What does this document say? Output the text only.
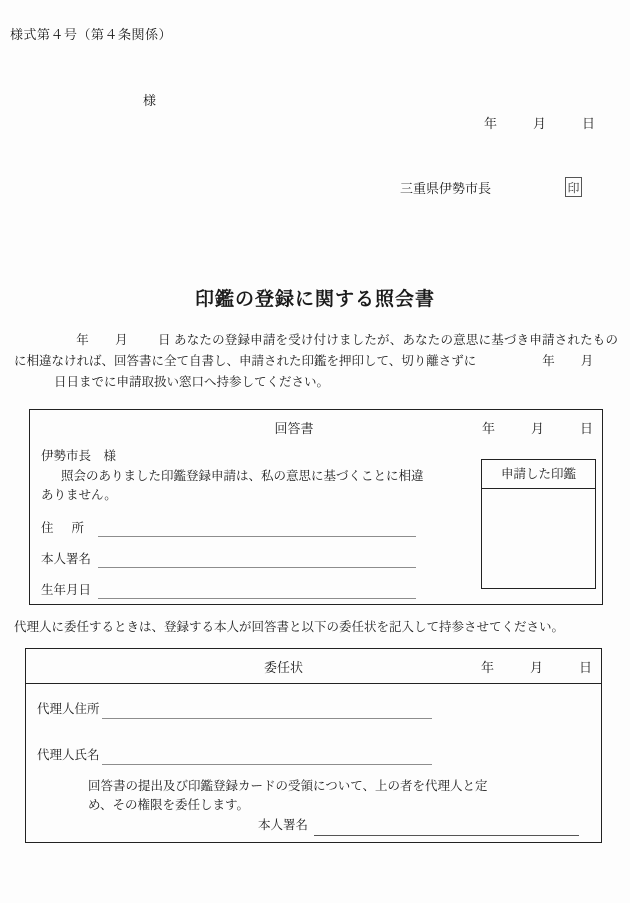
様式第４号（第４条関係）
様
年	月	日
三重県伊勢市長	印
印鑑の登録に関する照会書
年 月 日 あなたの登録申請を受け付けましたが、あなたの意思に基づき申請されたものに相違なければ、回答書に全て自書し、申請された印鑑を押印して、切り離さずに	年 月
日日までに申請取扱い窓口へ持参してください。
回答書	年	月	日
伊勢市長　様
照会のありました印鑑登録申請は、私の意思に基づくことに相違
ありません。
申請した印鑑
住 所
本人署名
生年月日
代理人に委任するときは、登録する本人が回答書と以下の委任状を記入して持参させてください。
委任状	年	月	日
代理人住所
代理人氏名
回答書の提出及び印鑑登録カードの受領について、上の者を代理人と定
め、その権限を委任します。
本人署名
